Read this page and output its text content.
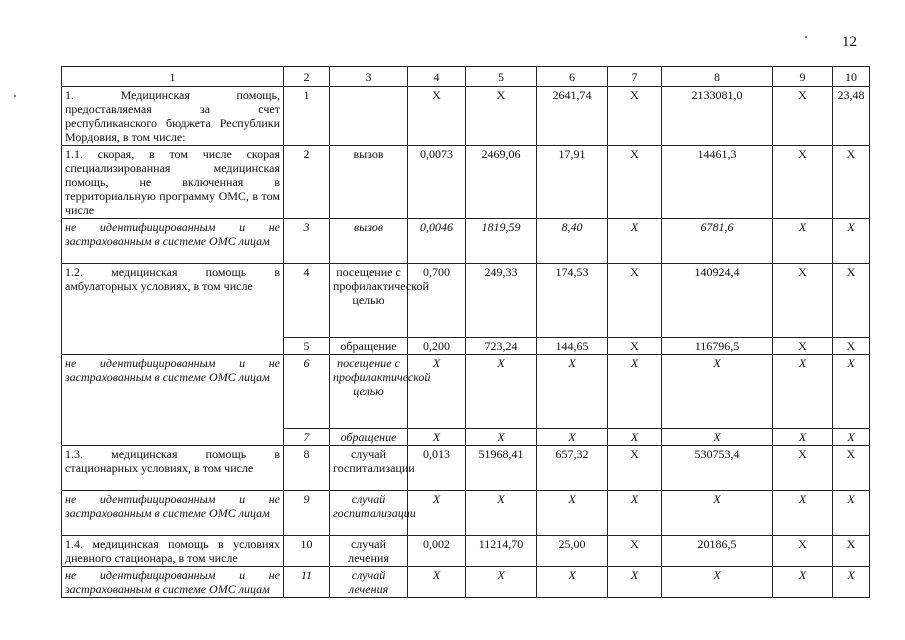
12
1	2	3	4	5	6	7	8	9	10
1. Медицинская помощь, предоставляемая за счет республиканского бюджета Республики Мордовия, в том числе:	1		X	X	2641,74	X	2133081,0	X	23,48
1.1. скорая, в том числе скорая специализированная медицинская помощь, не включенная в территориальную программу ОМС, в том числе	2	вызов	0,0073	2469,06	17,91	X	14461,3	X	X
не идентифицированным и не застрахованным в системе ОМС лицам	3	вызов	0,0046	1819,59	8,40	X	6781,6	X	X
1.2. медицинская помощь в амбулаторных условиях, в том числе	4	посещение с профилактической целью	0,700	249,33	174,53	X	140924,4	X	X
	5	обращение	0,200	723,24	144,65	X	116796,5	X	X
не идентифицированным и не застрахованным в системе ОМС лицам	6	посещение с профилактической целью	X	X	X	X	X	X	X
	7	обращение	X	X	X	X	X	X	X
1.3. медицинская помощь в стационарных условиях, в том числе	8	случай госпитализации	0,013	51968,41	657,32	X	530753,4	X	X
не идентифицированным и не застрахованным в системе ОМС лицам	9	случай госпитализации	X	X	X	X	X	X	X
1.4. медицинская помощь в условиях дневного стационара, в том числе	10	случай лечения	0,002	11214,70	25,00	X	20186,5	X	X
не идентифицированным и не застрахованным в системе ОМС лицам	11	случай лечения	X	X	X	X	X	X	X
